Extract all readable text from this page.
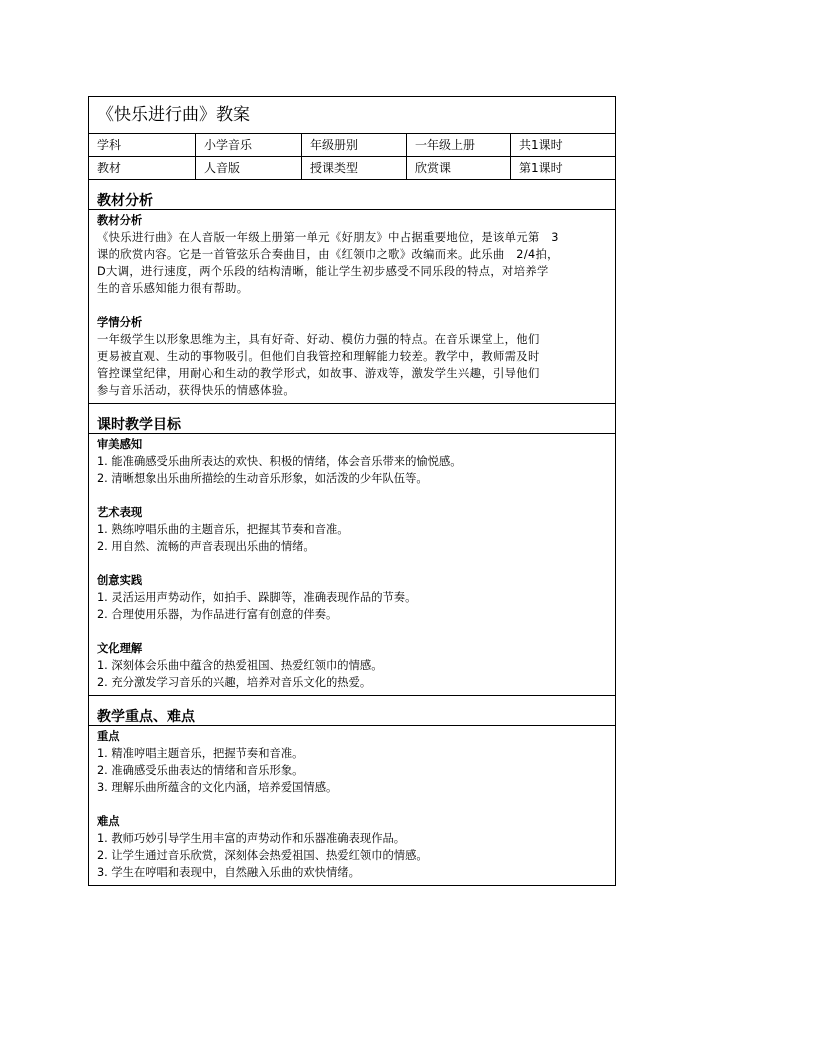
《快乐进行曲》教案
学科	小学音乐	年级册别	一年级上册	共1课时
教材	人音版	授课类型	欣赏课	第1课时
教材分析
教材分析

《快乐进行曲》在人音版一年级上册第一单元《好朋友》中占据重要地位，是该单元第　3

课的欣赏内容。它是一首管弦乐合奏曲目，由《红领巾之歌》改编而来。此乐曲　2/4拍，

D大调，进行速度，两个乐段的结构清晰，能让学生初步感受不同乐段的特点，对培养学

生的音乐感知能力很有帮助。

学情分析

一年级学生以形象思维为主，具有好奇、好动、模仿力强的特点。在音乐课堂上，他们

更易被直观、生动的事物吸引。但他们自我管控和理解能力较差。教学中，教师需及时

管控课堂纪律，用耐心和生动的教学形式，如故事、游戏等，激发学生兴趣，引导他们

参与音乐活动，获得快乐的情感体验。

课时教学目标
审美感知

1. 能准确感受乐曲所表达的欢快、积极的情绪，体会音乐带来的愉悦感。

2. 清晰想象出乐曲所描绘的生动音乐形象，如活泼的少年队伍等。

艺术表现

1. 熟练哼唱乐曲的主题音乐，把握其节奏和音准。

2. 用自然、流畅的声音表现出乐曲的情绪。

创意实践

1. 灵活运用声势动作，如拍手、跺脚等，准确表现作品的节奏。

2. 合理使用乐器，为作品进行富有创意的伴奏。

文化理解

1. 深刻体会乐曲中蕴含的热爱祖国、热爱红领巾的情感。

2. 充分激发学习音乐的兴趣，培养对音乐文化的热爱。

教学重点、难点
重点

1. 精准哼唱主题音乐，把握节奏和音准。

2. 准确感受乐曲表达的情绪和音乐形象。

3. 理解乐曲所蕴含的文化内涵，培养爱国情感。

难点

1. 教师巧妙引导学生用丰富的声势动作和乐器准确表现作品。

2. 让学生通过音乐欣赏，深刻体会热爱祖国、热爱红领巾的情感。

3. 学生在哼唱和表现中，自然融入乐曲的欢快情绪。
